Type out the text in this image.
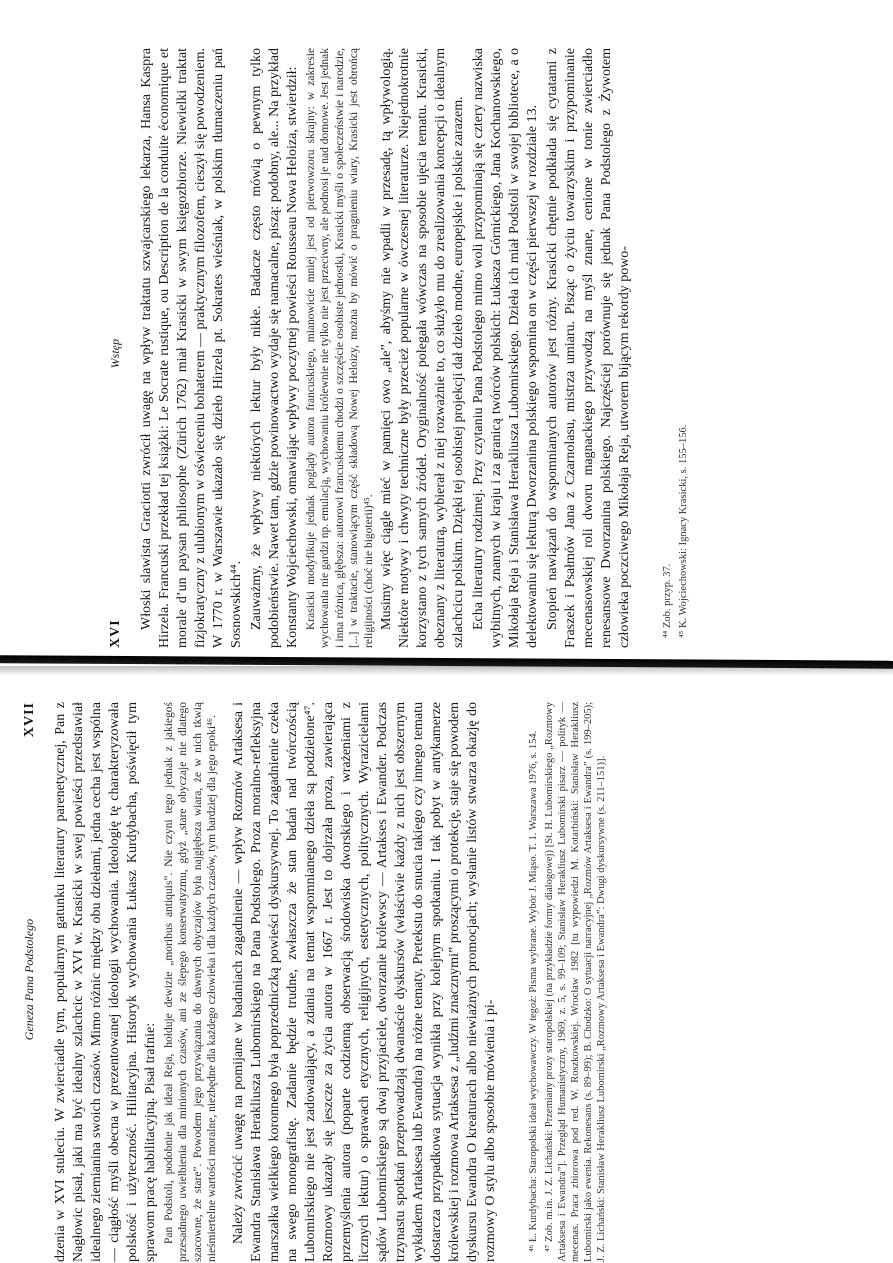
Geneza Pana Podstolego
XVII dzenia w XVI stuleciu. W zwierciadle tym, popularnym gatunku literatury parenetycznej, Pan z Nagłowic pisał, jaki ma być idealny szlachcic w XVI w. Krasicki w swej powieści przedstawiał idealnego ziemianina swoich czasów. Mimo różnic między obu dziełami, jedna cecha jest wspólna — ciągłość myśli obecna w prezentowanej ideologii wychowania. Ideologię tę charakteryzowała polskość i użyteczność. Hilitacyjna. Historyk wychowania Łukasz Kurdybacha, poświęcił tym sprawom pracę habilitacyjną. Pisał trafnie: Pan Podstoli, podobnie jak ideał Reja, hołduje dewizie „moribus antiquis”. Nie czyni tego jednak z jakiegoś przesadnego uwielbienia dla minionych czasów, ani ze ślepego konserwatyzmu, gdyż „stare obyczaje nie dlatego szacowne, że stare”. Powodem jego przywiązania do dawnych obyczajów była najgłębsza wiara, że w nich tkwią nieśmiertelne wartości moralne, niezbędne dla każdego człowieka i dla każdych czasów, tym bardziej dla jego epoki⁴⁶. Należy zwrócić uwagę na pomijane w badaniach zagadnienie — wpływ Rozmów Artaksesa i Ewandra Stanisława Herakliusza Lubomirskiego na Pana Podstolego. Proza moralno-refleksyjna marszałka wielkiego koronnego była poprzedniczką powieści dyskursywnej. To zagadnienie czeka na swego monografistę. Zadanie będzie trudne, zwłaszcza że stan badań nad twórczością Lubomirskiego nie jest zadowalający, a zdania na temat wspomnianego dzieła są podzielone⁴⁷. Rozmowy ukazały się jeszcze za życia autora w 1667 r. Jest to dojrzała proza, zawierająca przemyślenia autora (poparte codzienną obserwacją środowiska dworskiego i wrażeniami z licznych lektur) o sprawach etycznych, religijnych, estetycznych, politycznych. Wyrazicielami sądów Lubomirskiego są dwaj przyjaciele, dworzanie królewscy — Artakses i Ewander. Podczas trzynastu spotkań przeprowadzają dwanaście dyskursów (właściwie każdy z nich jest obszernym wykładem Artaksesa lub Ewandra) na różne tematy. Pretekstu do snucia takiego czy innego tematu dostarcza przypadkowa sytuacja wynikła przy kolejnym spotkaniu. I tak pobyt w antykamerze królewskiej i rozmowa Artaksesa z „ludźmi znacznymi” proszącymi o protekcję, staje się powodem dyskursu Ewandra O kreaturach albo niewiażnych promocjach; wysłanie listów stwarza okazję do rozmowy O stylu albo sposobie mówienia i pi-	⁴⁶ Ł. Kurdybacha: Staropolski ideał wychowawczy. W tegoż: Pisma wybrane. Wybór J. Miąso. T. 1. Warszawa 1976, s. 154. ⁴⁷ Zob. m.in. J. Z. Lichański: Przemiany prozy staropolskiej (na przykładzie formy dialogowej) [St. H. Lubomirskiego „Rozmowy Artaksesa i Ewandra”]. Przegląd Humanistyczny, 1969, z. 5, s. 99–109; Stanisław Herakliusz Lubomirski pisarz — polityk — mecenas. Praca zbiorowa pod red. W. Roszkowskiej. Wrocław 1982 [tu wypowiedzi M. Kotarbiński: Stanisław Herakliusz Lubomirski jako ewenia. Rekonesans (s. 89–99); B. Chodzko: O sytuacji narracyjnej „Rozmów Artaksesa i Ewandra” (s. 199–205); J. Z. Lichański: Stanisław Herakliusz Lubomirski „Rozmowy Artaksesa i Ewandra”: Dwugi dyskursywne (s. 211–151)].

XVI
Wstęp Włoski slawista Graciotti zwrócił uwagę na wpływ traktatu szwajcarskiego lekarza, Hansa Kaspra Hirzela. Francuski przekład tej książki: Le Socrate rustique, ou Description de la conduite économique et morale d’un paysan philosophe (Zürich 1762) miał Krasicki w swym księgozbiorze. Niewielki traktat fizjokratyczny z ulubionym w oświeceniu bohaterem — praktycznym filozofem, cieszył się powodzeniem. W 1770 r. w Warszawie ukazało się dzieło Hirzela pt. Sokrates wieśniak, w polskim tłumaczeniu pań Sosnowskich⁴⁴. Zauważmy, że wpływy niektórych lektur były nikłe. Badacze często mówią o pewnym tylko podobieństwie. Nawet tam, gdzie powinowactwo wydaje się namacalne, piszą: podobny, ale... Na przykład Konstanty Wojciechowski, omawiając wpływy poczytnej powieści Rousseau Nowa Heloiza, stwierdził: Krasicki modyfikuje jednak poglądy autora francuskiego, mianowicie mniej jest od pierwowzoru skrajny: w zakresie wychowania nie gardzi np. emulacją, wychowaniu królewnie nie tylko nie jest przeciwny, ale podnosi je nad domowe. Jest jednak i inna różnica, głębsza: autorowi francuskiemu chodzi o szczęście osobiste jednostki, Krasicki myśli o społeczeństwie i narodzie, [...] w traktacie, stanowiącym część składową Nowej Heloizy, można by mówić o pragnieniu wiary, Krasicki jest obrońcą religijności (choć nie bigoterii)⁴⁵. Musimy więc ciągle mieć w pamięci owo „ale”, abyśmy nie wpadli w przesadę, tą wpływologią. Niektóre motywy i chwyty techniczne były przecież popularne w ówczesnej literaturze. Niejednokrotnie korzystano z tych samych źródeł. Oryginalność polegała wówczas na sposobie ujęcia tematu. Krasicki, obeznany z literaturą, wybierał z niej rozważnie to, co służyło mu do zrealizowania koncepcji o idealnym szlachcicu polskim. Dzięki tej osobistej projekcji dał dzieło modne, europejskie i polskie zarazem. Echa literatury rodzimej. Przy czytaniu Pana Podstolego mimo woli przypominają się cztery nazwiska wybitnych, znanych w kraju i za granicą twórców polskich: Łukasza Górnickiego, Jana Kochanowskiego, Mikołaja Reja i Stanisława Herakliusza Lubomirskiego. Dzieła ich miał Podstoli w swojej bibliotece, a o delektowaniu się lekturą Dworzanina polskiego wspomina on w części pierwszej w rozdziale 13. Stopień nawiązań do wspomnianych autorów jest różny. Krasicki chętnie podkłada się cytatami z Fraszek i Psałmów Jana z Czarnolasu, mistrza umiaru. Pisząc o życiu towarzyskim i przypominanie mecenasowskiej roli dworu magnackiego przywodzą na myśl znane, cenione w tonie zwierciadło renesansowe Dworzanina polskiego. Najczęściej porównuje się jednak Pana Podstolego z Żywotem człowieka poczciwego Mikołaja Reja, utworem bijącym rekordy powo-	⁴⁴ Zob. przyp. 37. ⁴⁵ K. Wojciechowski: Ignacy Krasicki, s. 155–156.
